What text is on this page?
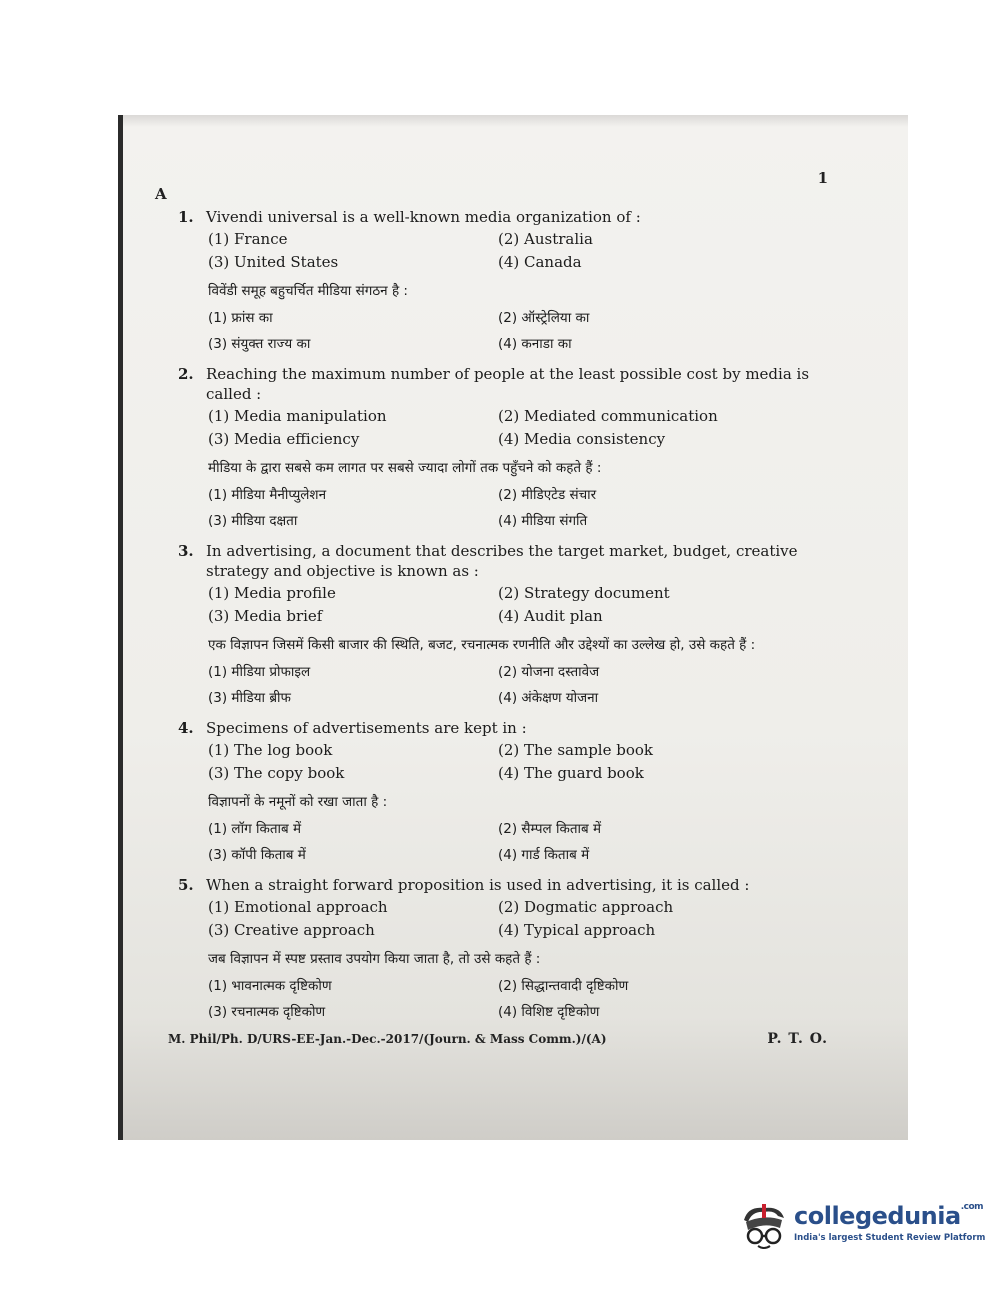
1
A
1. Vivendi universal is a well-known media organization of :
(1) France	(2) Australia
(3) United States	(4) Canada
विवेंडी समूह बहुचर्चित मीडिया संगठन है :
(1) फ्रांस का	(2) ऑस्ट्रेलिया का
(3) संयुक्त राज्य का	(4) कनाडा का
2. Reaching the maximum number of people at the least possible cost by media is called :
(1) Media manipulation	(2) Mediated communication
(3) Media efficiency	(4) Media consistency
मीडिया के द्वारा सबसे कम लागत पर सबसे ज्यादा लोगों तक पहुँचने को कहते हैं :
(1) मीडिया मैनीप्युलेशन	(2) मीडिएटेड संचार
(3) मीडिया दक्षता	(4) मीडिया संगति
3. In advertising, a document that describes the target market, budget, creative strategy and objective is known as :
(1) Media profile	(2) Strategy document
(3) Media brief	(4) Audit plan
एक विज्ञापन जिसमें किसी बाजार की स्थिति, बजट, रचनात्मक रणनीति और उद्देश्यों का उल्लेख हो, उसे कहते हैं :
(1) मीडिया प्रोफाइल	(2) योजना दस्तावेज
(3) मीडिया ब्रीफ	(4) अंकेक्षण योजना
4. Specimens of advertisements are kept in :
(1) The log book	(2) The sample book
(3) The copy book	(4) The guard book
विज्ञापनों के नमूनों को रखा जाता है :
(1) लॉग किताब में	(2) सैम्पल किताब में
(3) कॉपी किताब में	(4) गार्ड किताब में
5. When a straight forward proposition is used in advertising, it is called :
(1) Emotional approach	(2) Dogmatic approach
(3) Creative approach	(4) Typical approach
जब विज्ञापन में स्पष्ट प्रस्ताव उपयोग किया जाता है, तो उसे कहते हैं :
(1) भावनात्मक दृष्टिकोण	(2) सिद्धान्तवादी दृष्टिकोण
(3) रचनात्मक दृष्टिकोण	(4) विशिष्ट दृष्टिकोण
M. Phil/Ph. D/URS-EE-Jan.-Dec.-2017/(Journ. & Mass Comm.)/(A)	P. T. O.
collegedunia$^{.com}$
India's largest Student Review Platform
